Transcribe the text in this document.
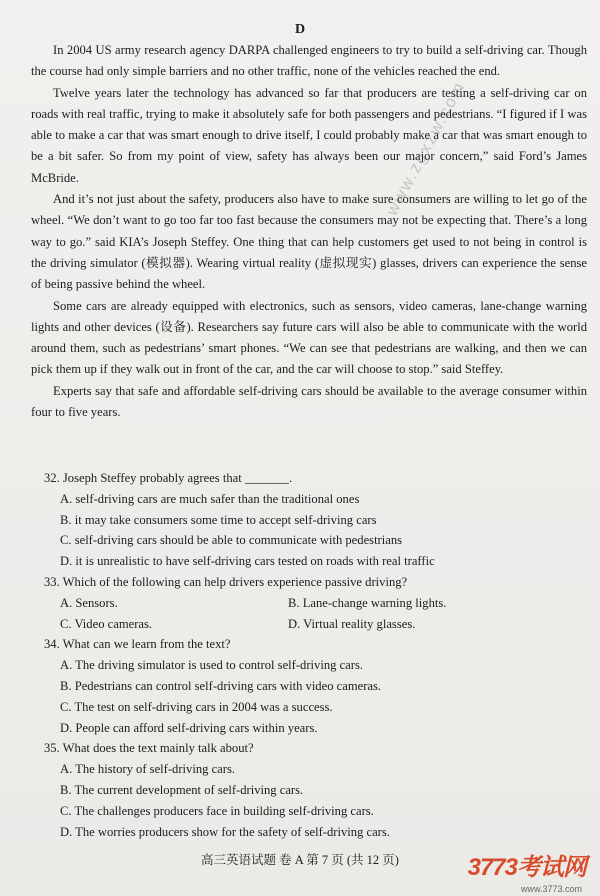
D

In 2004 US army research agency DARPA challenged engineers to try to build a self-driving car. Though the course had only simple barriers and no other traffic, none of the vehicles reached the end.

Twelve years later the technology has advanced so far that producers are testing a self-driving car on roads with real traffic, trying to make it absolutely safe for both passengers and pedestrians. “I figured if I was able to make a car that was smart enough to drive itself, I could probably make a car that was smart enough to be a bit safer. So from my point of view, safety has always been our major concern,” said Ford’s James McBride.

And it’s not just about the safety, producers also have to make sure consumers are willing to let go of the wheel. “We don’t want to go too far too fast because the consumers may not be expecting that. There’s a long way to go.” said KIA’s Joseph Steffey. One thing that can help customers get used to not being in control is the driving simulator (模拟器). Wearing virtual reality (虚拟现实) glasses, drivers can experience the sense of being passive behind the wheel.

Some cars are already equipped with electronics, such as sensors, video cameras, lane-change warning lights and other devices (设备). Researchers say future cars will also be able to communicate with the world around them, such as pedestrians’ smart phones. “We can see that pedestrians are walking, and then we can pick them up if they walk out in front of the car, and the car will choose to stop.” said Steffey.

Experts say that safe and affordable self-driving cars should be available to the average consumer within four to five years.

32. Joseph Steffey probably agrees that _______.

A. self-driving cars are much safer than the traditional ones

B. it may take consumers some time to accept self-driving cars

C. self-driving cars should be able to communicate with pedestrians

D. it is unrealistic to have self-driving cars tested on roads with real traffic

33. Which of the following can help drivers experience passive driving?

A. Sensors.	B. Lane-change warning lights.
C. Video cameras.	D. Virtual reality glasses.

34. What can we learn from the text?

A. The driving simulator is used to control self-driving cars.

B. Pedestrians can control self-driving cars with video cameras.

C. The test on self-driving cars in 2004 was a success.

D. People can afford self-driving cars within years.

35. What does the text mainly talk about?

A. The history of self-driving cars.

B. The current development of self-driving cars.

C. The challenges producers face in building self-driving cars.

D. The worries producers show for the safety of self-driving cars.

www.zgxzw.com
高三英语试题 卷 A 第 7 页 (共 12 页)	3773考试网
www.3773.com
